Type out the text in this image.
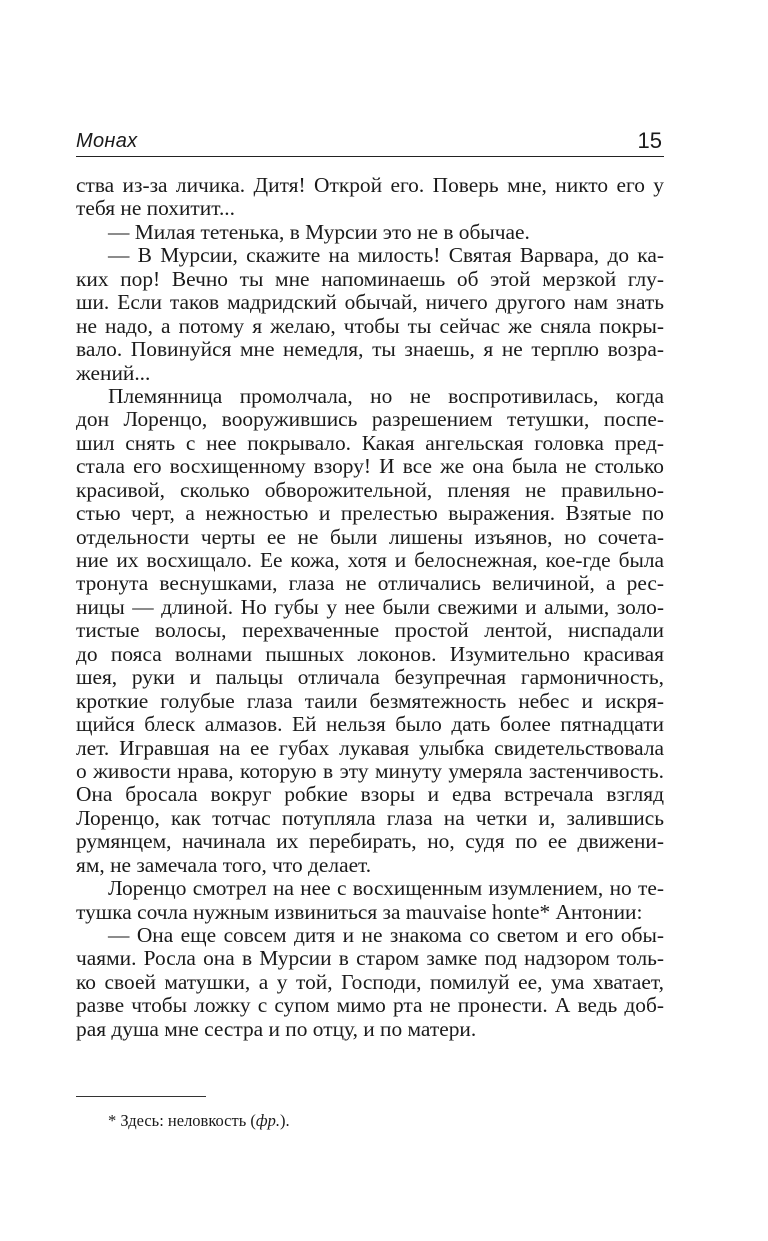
Монах	15
ства из-за личика. Дитя! Открой его. Поверь мне, никто его у
тебя не похитит...
— Милая тетенька, в Мурсии это не в обычае.
— В Мурсии, скажите на милость! Святая Варвара, до ка-
ких пор! Вечно ты мне напоминаешь об этой мерзкой глу-
ши. Если таков мадридский обычай, ничего другого нам знать
не надо, а потому я желаю, чтобы ты сейчас же сняла покры-
вало. Повинуйся мне немедля, ты знаешь, я не терплю возра-
жений...
Племянница промолчала, но не воспротивилась, когда
дон Лоренцо, вооружившись разрешением тетушки, поспе-
шил снять с нее покрывало. Какая ангельская головка пред-
стала его восхищенному взору! И все же она была не столько
красивой, сколько обворожительной, пленяя не правильно-
стью черт, а нежностью и прелестью выражения. Взятые по
отдельности черты ее не были лишены изъянов, но сочета-
ние их восхищало. Ее кожа, хотя и белоснежная, кое-где была
тронута веснушками, глаза не отличались величиной, а рес-
ницы — длиной. Но губы у нее были свежими и алыми, золо-
тистые волосы, перехваченные простой лентой, ниспадали
до пояса волнами пышных локонов. Изумительно красивая
шея, руки и пальцы отличала безупречная гармоничность,
кроткие голубые глаза таили безмятежность небес и искря-
щийся блеск алмазов. Ей нельзя было дать более пятнадцати
лет. Игравшая на ее губах лукавая улыбка свидетельствовала
о живости нрава, которую в эту минуту умеряла застенчивость.
Она бросала вокруг робкие взоры и едва встречала взгляд
Лоренцо, как тотчас потупляла глаза на четки и, залившись
румянцем, начинала их перебирать, но, судя по ее движени-
ям, не замечала того, что делает.
Лоренцо смотрел на нее с восхищенным изумлением, но те-
тушка сочла нужным извиниться за mauvaise honte* Антонии:
— Она еще совсем дитя и не знакома со светом и его обы-
чаями. Росла она в Мурсии в старом замке под надзором толь-
ко своей матушки, а у той, Господи, помилуй ее, ума хватает,
разве чтобы ложку с супом мимо рта не пронести. А ведь доб-
рая душа мне сестра и по отцу, и по матери.
* Здесь: неловкость (фр.).
